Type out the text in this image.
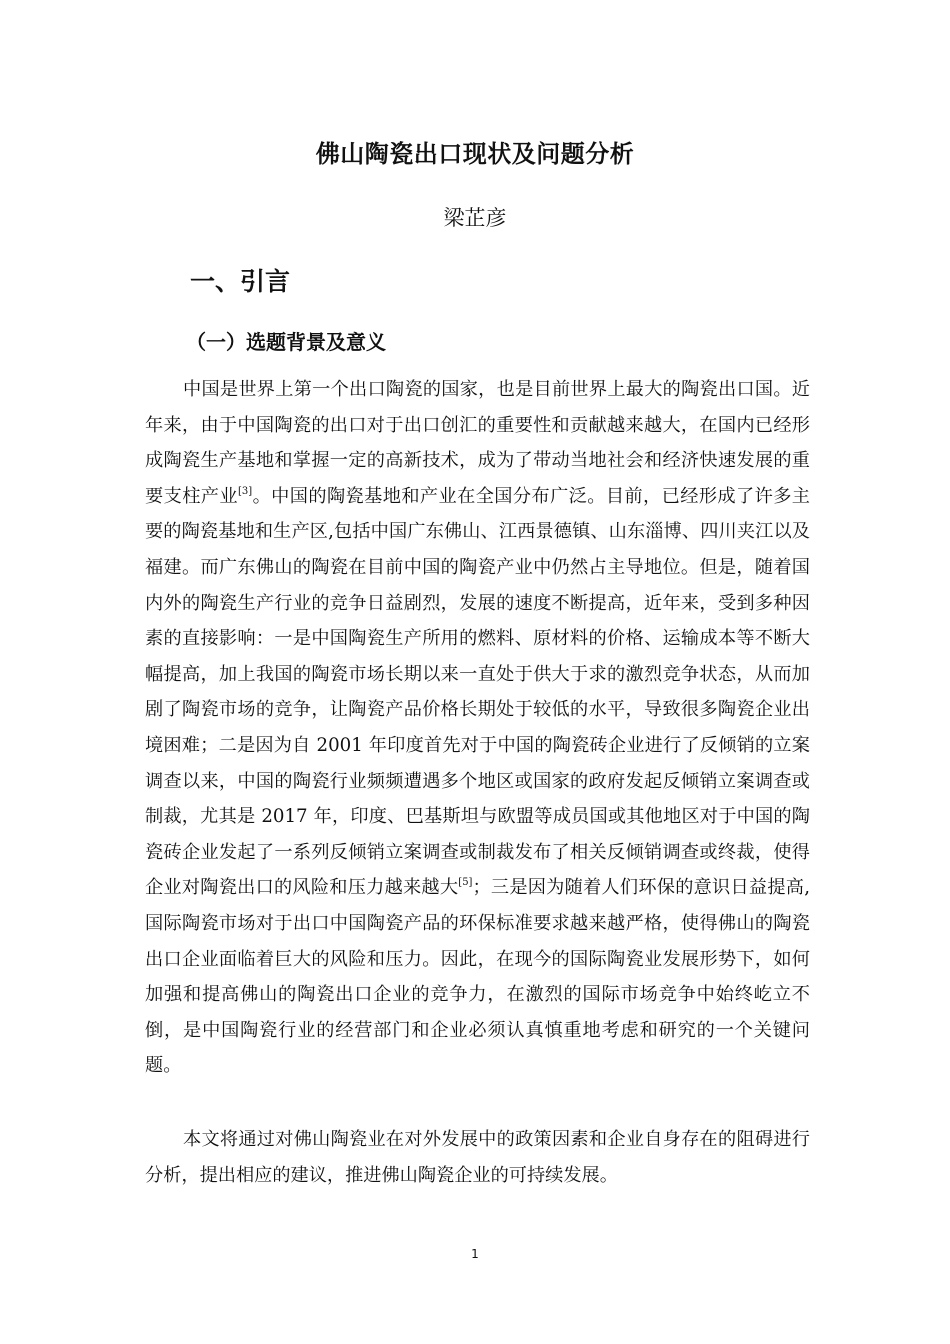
佛山陶瓷出口现状及问题分析
梁芷彦
一、引言
（一）选题背景及意义
中国是世界上第一个出口陶瓷的国家，也是目前世界上最大的陶瓷出口国。近年来，由于中国陶瓷的出口对于出口创汇的重要性和贡献越来越大，在国内已经形成陶瓷生产基地和掌握一定的高新技术，成为了带动当地社会和经济快速发展的重要支柱产业[3]。中国的陶瓷基地和产业在全国分布广泛。目前，已经形成了许多主要的陶瓷基地和生产区,包括中国广东佛山、江西景德镇、山东淄博、四川夹江以及福建。而广东佛山的陶瓷在目前中国的陶瓷产业中仍然占主导地位。但是，随着国内外的陶瓷生产行业的竞争日益剧烈，发展的速度不断提高，近年来，受到多种因素的直接影响：一是中国陶瓷生产所用的燃料、原材料的价格、运输成本等不断大幅提高，加上我国的陶瓷市场长期以来一直处于供大于求的激烈竞争状态，从而加剧了陶瓷市场的竞争，让陶瓷产品价格长期处于较低的水平，导致很多陶瓷企业出境困难；二是因为自 2001 年印度首先对于中国的陶瓷砖企业进行了反倾销的立案调查以来，中国的陶瓷行业频频遭遇多个地区或国家的政府发起反倾销立案调查或制裁，尤其是 2017 年，印度、巴基斯坦与欧盟等成员国或其他地区对于中国的陶瓷砖企业发起了一系列反倾销立案调查或制裁发布了相关反倾销调查或终裁，使得企业对陶瓷出口的风险和压力越来越大[5]；三是因为随着人们环保的意识日益提高,国际陶瓷市场对于出口中国陶瓷产品的环保标准要求越来越严格，使得佛山的陶瓷出口企业面临着巨大的风险和压力。因此，在现今的国际陶瓷业发展形势下，如何加强和提高佛山的陶瓷出口企业的竞争力，在激烈的国际市场竞争中始终屹立不倒，是中国陶瓷行业的经营部门和企业必须认真慎重地考虑和研究的一个关键问题。
本文将通过对佛山陶瓷业在对外发展中的政策因素和企业自身存在的阻碍进行分析，提出相应的建议，推进佛山陶瓷企业的可持续发展。
1
